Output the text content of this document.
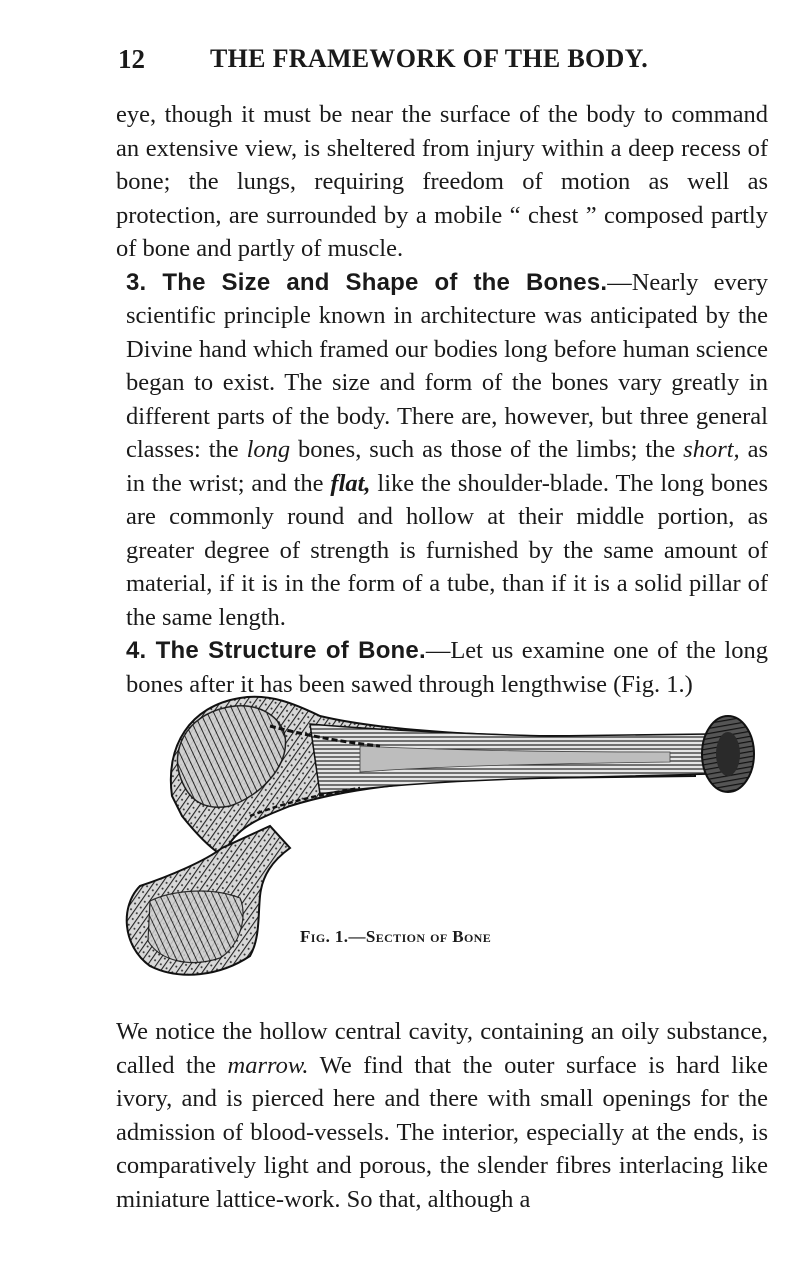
12	THE FRAMEWORK OF THE BODY.

eye, though it must be near the surface of the body to command an extensive view, is sheltered from injury within a deep recess of bone; the lungs, requiring freedom of motion as well as protection, are surrounded by a mobile “ chest ” composed partly of bone and partly of muscle.

3. The Size and Shape of the Bones.—Nearly every scientific principle known in architecture was anticipated by the Divine hand which framed our bodies long before human science began to exist. The size and form of the bones vary greatly in different parts of the body. There are, however, but three general classes: the long bones, such as those of the limbs; the short, as in the wrist; and the flat, like the shoulder-blade. The long bones are commonly round and hollow at their middle portion, as greater degree of strength is furnished by the same amount of material, if it is in the form of a tube, than if it is a solid pillar of the same length.

4. The Structure of Bone.—Let us examine one of the long bones after it has been sawed through lengthwise (Fig. 1.)

Fig. 1.—Section of Bone

We notice the hollow central cavity, containing an oily substance, called the marrow. We find that the outer surface is hard like ivory, and is pierced here and there with small openings for the admission of blood-vessels. The interior, especially at the ends, is comparatively light and porous, the slender fibres interlacing like miniature lattice-work. So that, although a
